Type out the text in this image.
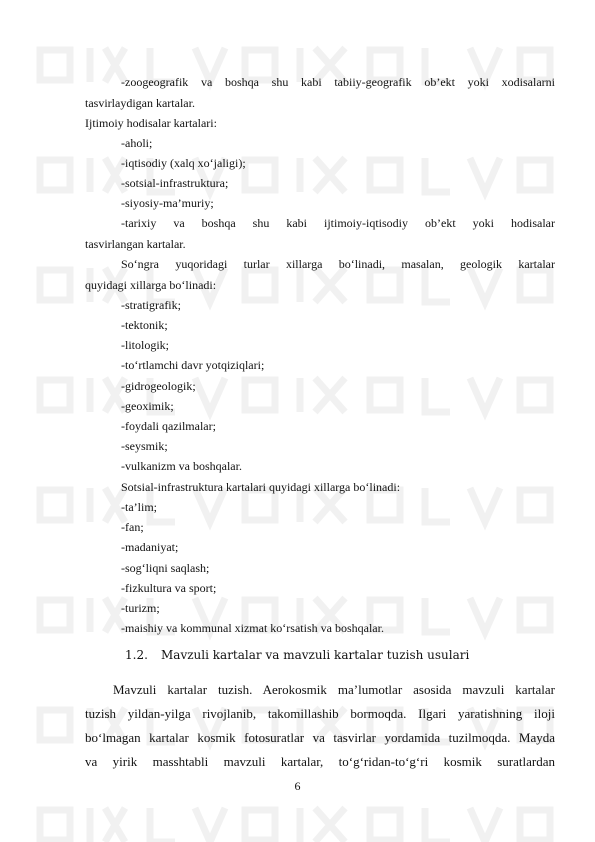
-zoogeografik va boshqa shu kabi tabiiy-geografik ob’ekt yoki xodisalarni
tasvirlaydigan kartalar.
Ijtimoiy hodisalar kartalari:
-aholi;
-iqtisodiy (xalq xo‘jaligi);
-sotsial-infrastruktura;
-siyosiy-ma’muriy;
-tarixiy va boshqa shu kabi ijtimoiy-iqtisodiy ob’ekt yoki hodisalar
tasvirlangan kartalar.
So‘ngra yuqoridagi turlar xillarga bo‘linadi, masalan, geologik kartalar
quyidagi xillarga bo‘linadi:
-stratigrafik;
-tektonik;
-litologik;
-to‘rtlamchi davr yotqiziqlari;
-gidrogeologik;
-geoximik;
-foydali qazilmalar;
-seysmik;
-vulkanizm va boshqalar.
Sotsial-infrastruktura kartalari quyidagi xillarga bo‘linadi:
-ta’lim;
-fan;
-madaniyat;
-sog‘liqni saqlash;
-fizkultura va sport;
-turizm;
-maishiy va kommunal xizmat ko‘rsatish va boshqalar.
1.2. Mavzuli kartalar va mavzuli kartalar tuzish usulari
Mavzuli kartalar tuzish. Aerokosmik ma’lumotlar asosida mavzuli kartalar
tuzish yildan-yilga rivojlanib, takomillashib bormoqda. Ilgari yaratishning iloji
bo‘lmagan kartalar kosmik fotosuratlar va tasvirlar yordamida tuzilmoqda. Mayda
va yirik masshtabli mavzuli kartalar, to‘g‘ridan-to‘g‘ri kosmik suratlardan
6
